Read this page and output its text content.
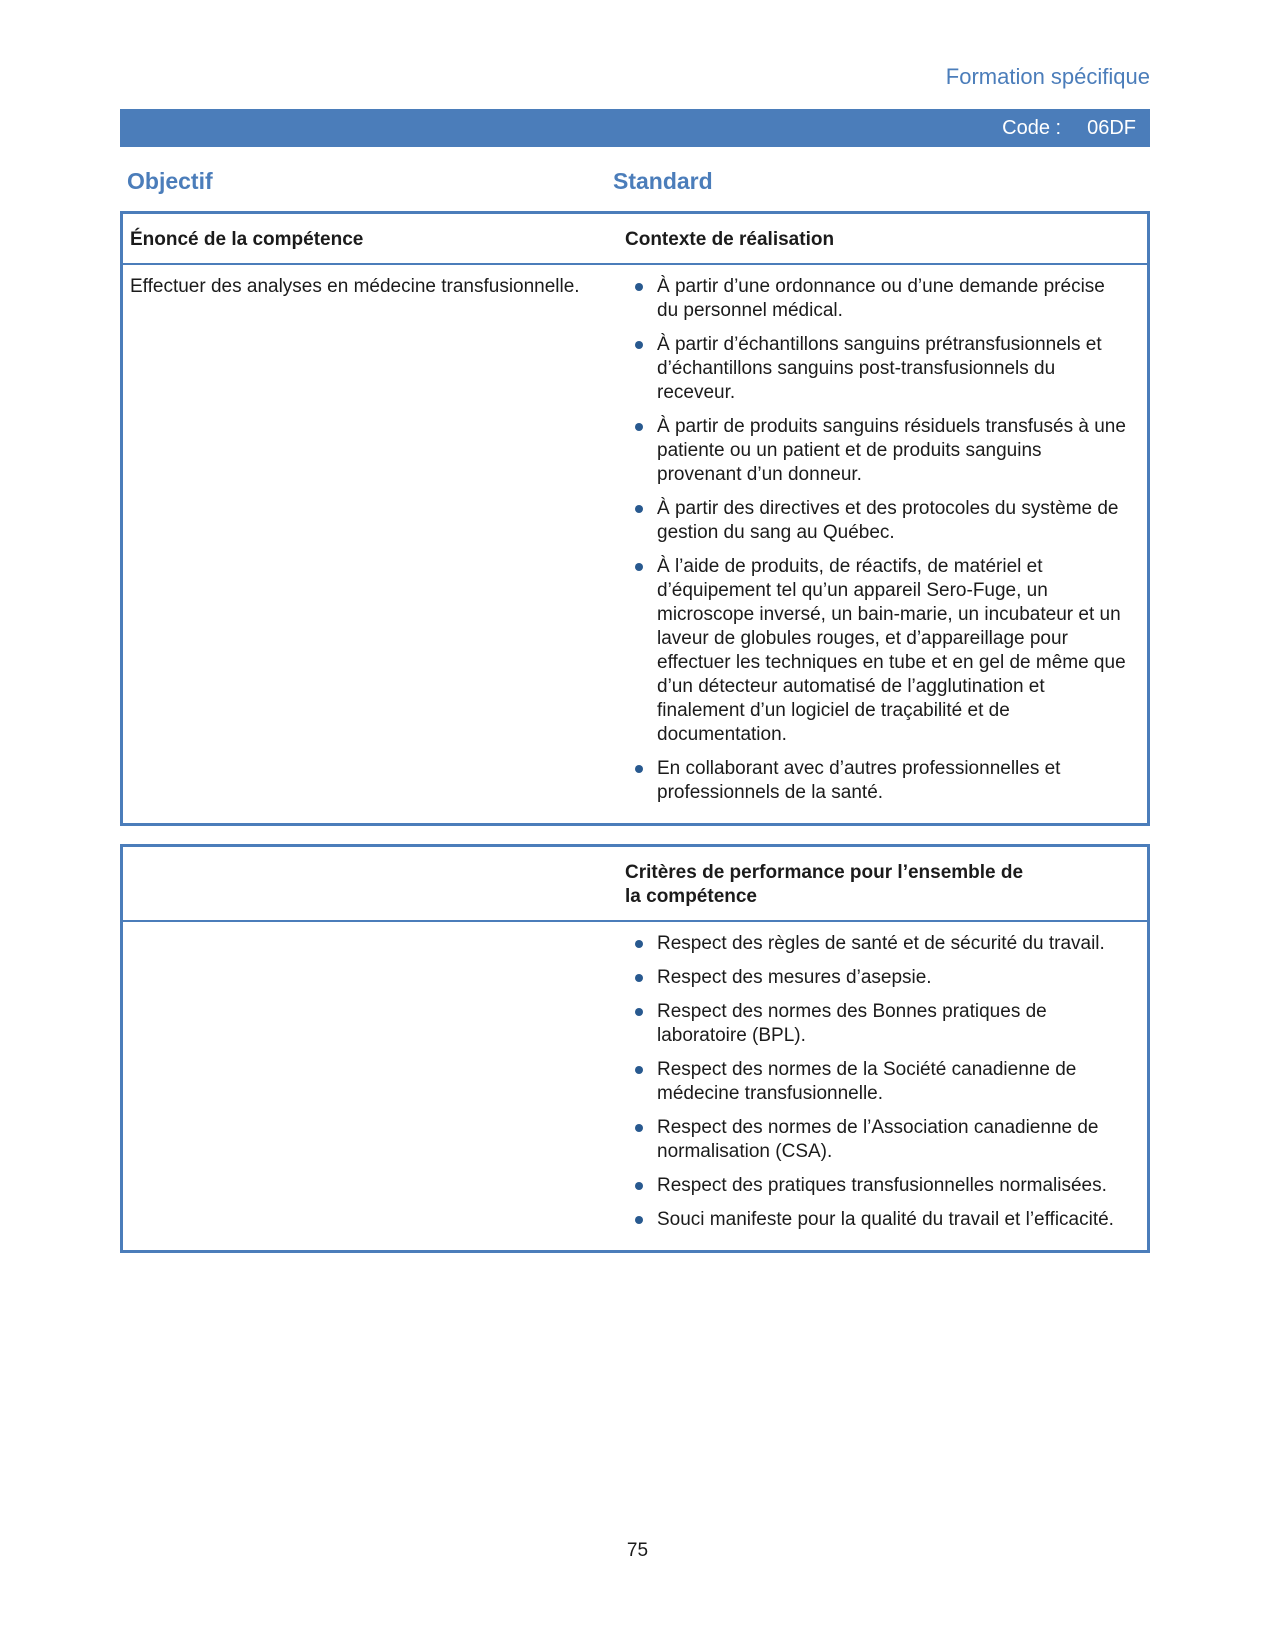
Formation spécifique
Code : 06DF
Objectif	Standard
Énoncé de la compétence	Contexte de réalisation
Effectuer des analyses en médecine transfusionnelle.	À partir d’une ordonnance ou d’une demande précise du personnel médical.
À partir d’échantillons sanguins prétransfusionnels et d’échantillons sanguins post-transfusionnels du receveur.
À partir de produits sanguins résiduels transfusés à une patiente ou un patient et de produits sanguins provenant d’un donneur.
À partir des directives et des protocoles du système de gestion du sang au Québec.
À l’aide de produits, de réactifs, de matériel et d’équipement tel qu’un appareil Sero-Fuge, un microscope inversé, un bain-marie, un incubateur et un laveur de globules rouges, et d’appareillage pour effectuer les techniques en tube et en gel de même que d’un détecteur automatisé de l’agglutination et finalement d’un logiciel de traçabilité et de documentation.
En collaborant avec d’autres professionnelles et professionnels de la santé.
Critères de performance pour l’ensemble de la compétence
Respect des règles de santé et de sécurité du travail.
Respect des mesures d’asepsie.
Respect des normes des Bonnes pratiques de laboratoire (BPL).
Respect des normes de la Société canadienne de médecine transfusionnelle.
Respect des normes de l’Association canadienne de normalisation (CSA).
Respect des pratiques transfusionnelles normalisées.
Souci manifeste pour la qualité du travail et l’efficacité.
75
